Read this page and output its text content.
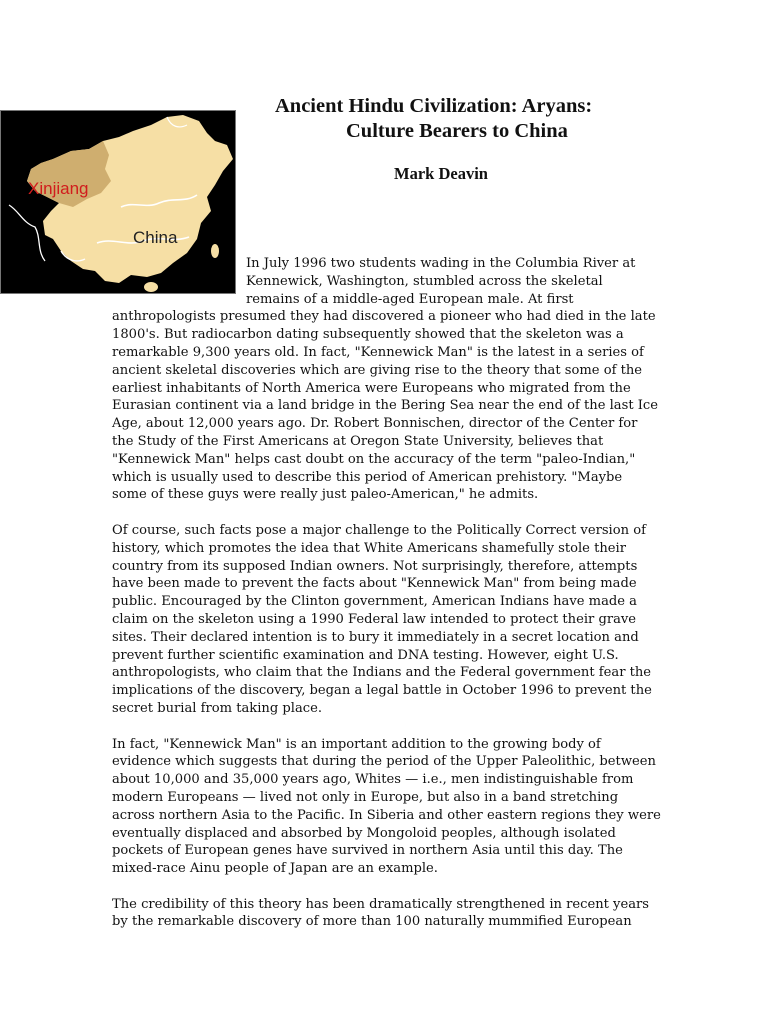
Xinjiang
China
Ancient Hindu Civilization: Aryans:
Culture Bearers to China
Mark Deavin

In July 1996 two students wading in the Columbia River at
Kennewick, Washington, stumbled across the skeletal
remains of a middle-aged European male. At first
anthropologists presumed they had discovered a pioneer who had died in the late
1800's. But radiocarbon dating subsequently showed that the skeleton was a
remarkable 9,300 years old. In fact, "Kennewick Man" is the latest in a series of
ancient skeletal discoveries which are giving rise to the theory that some of the
earliest inhabitants of North America were Europeans who migrated from the
Eurasian continent via a land bridge in the Bering Sea near the end of the last Ice
Age, about 12,000 years ago. Dr. Robert Bonnischen, director of the Center for
the Study of the First Americans at Oregon State University, believes that
"Kennewick Man" helps cast doubt on the accuracy of the term "paleo-Indian,"
which is usually used to describe this period of American prehistory. "Maybe
some of these guys were really just paleo-American," he admits.

Of course, such facts pose a major challenge to the Politically Correct version of
history, which promotes the idea that White Americans shamefully stole their
country from its supposed Indian owners. Not surprisingly, therefore, attempts
have been made to prevent the facts about "Kennewick Man" from being made
public. Encouraged by the Clinton government, American Indians have made a
claim on the skeleton using a 1990 Federal law intended to protect their grave
sites. Their declared intention is to bury it immediately in a secret location and
prevent further scientific examination and DNA testing. However, eight U.S.
anthropologists, who claim that the Indians and the Federal government fear the
implications of the discovery, began a legal battle in October 1996 to prevent the
secret burial from taking place.

In fact, "Kennewick Man" is an important addition to the growing body of
evidence which suggests that during the period of the Upper Paleolithic, between
about 10,000 and 35,000 years ago, Whites — i.e., men indistinguishable from
modern Europeans — lived not only in Europe, but also in a band stretching
across northern Asia to the Pacific. In Siberia and other eastern regions they were
eventually displaced and absorbed by Mongoloid peoples, although isolated
pockets of European genes have survived in northern Asia until this day. The
mixed-race Ainu people of Japan are an example.

The credibility of this theory has been dramatically strengthened in recent years
by the remarkable discovery of more than 100 naturally mummified European
